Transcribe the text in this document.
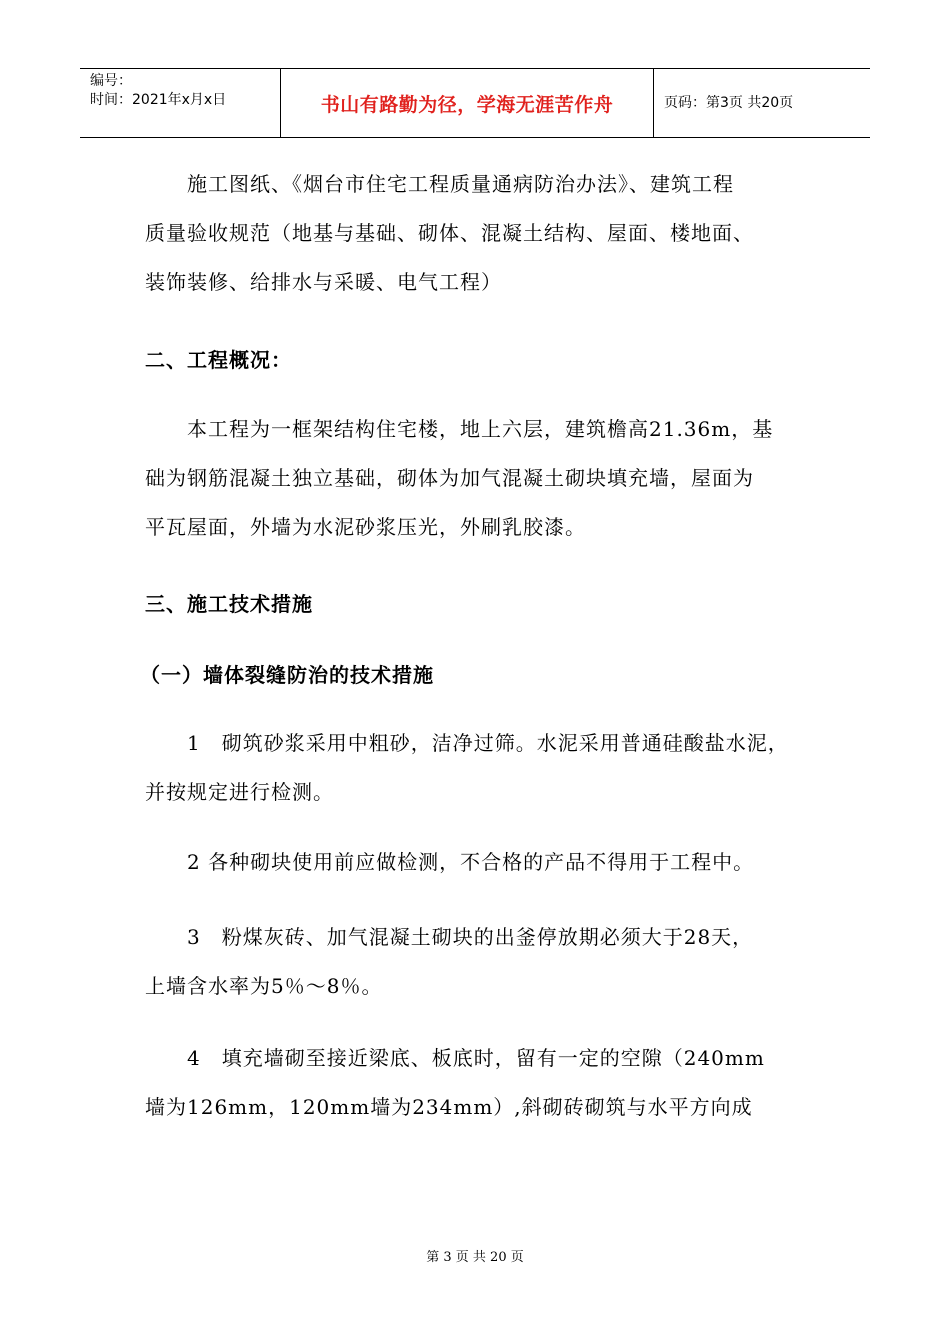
编号：
时间：2021年x月x日	书山有路勤为径，学海无涯苦作舟	页码：第3页 共20页
施工图纸、《烟台市住宅工程质量通病防治办法》、建筑工程
质量验收规范（地基与基础、砌体、混凝土结构、屋面、楼地面、
装饰装修、给排水与采暖、电气工程）
二、工程概况：
本工程为一框架结构住宅楼，地上六层，建筑檐高21.36m，基
础为钢筋混凝土独立基础，砌体为加气混凝土砌块填充墙，屋面为
平瓦屋面，外墙为水泥砂浆压光，外刷乳胶漆。
三、施工技术措施
（一）墙体裂缝防治的技术措施
1　砌筑砂浆采用中粗砂，洁净过筛。水泥采用普通硅酸盐水泥，
并按规定进行检测。
2 各种砌块使用前应做检测，不合格的产品不得用于工程中。
3　粉煤灰砖、加气混凝土砌块的出釜停放期必须大于28天，
上墙含水率为5％～8％。
4　填充墙砌至接近梁底、板底时，留有一定的空隙（240mm
墙为126mm，120mm墙为234mm）,斜砌砖砌筑与水平方向成
第 3 页 共 20 页
